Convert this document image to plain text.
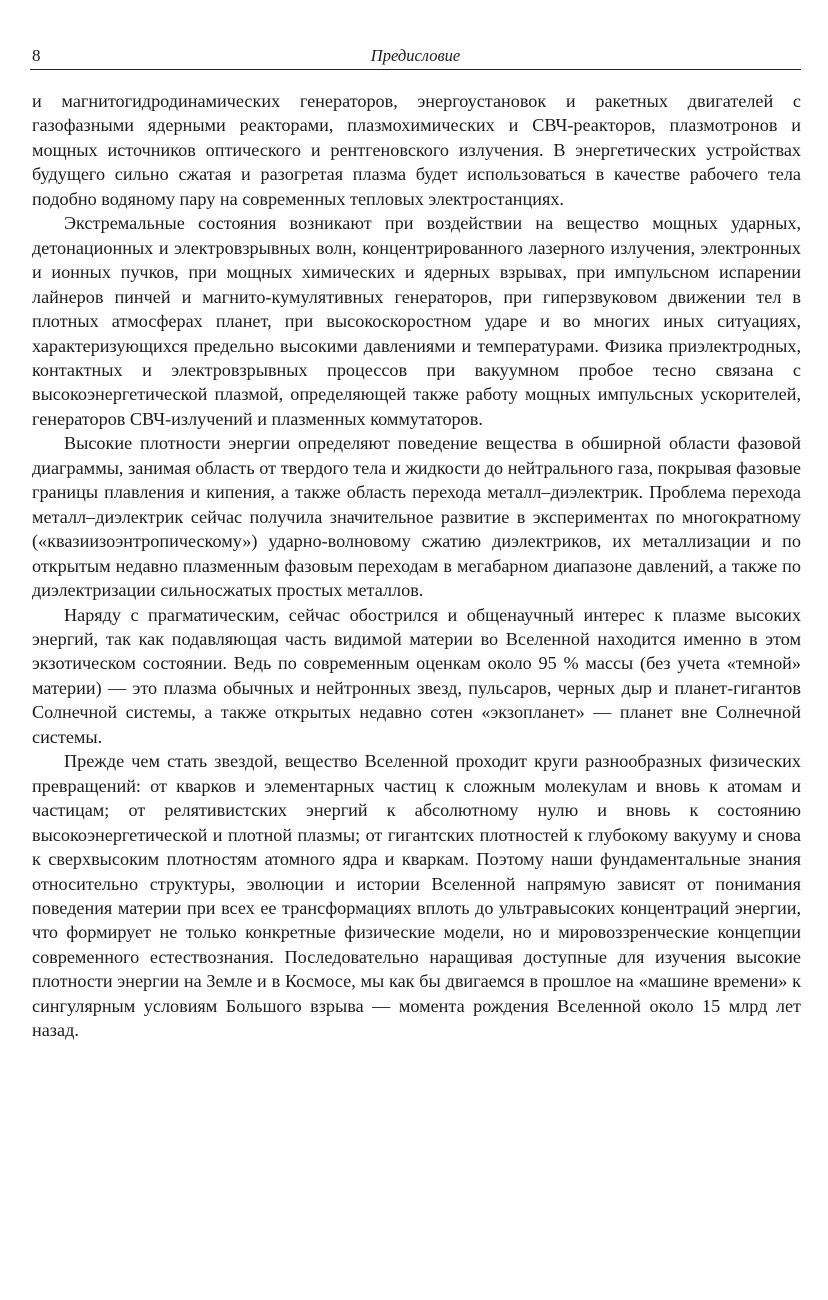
8	Предисловие

и магнитогидродинамических генераторов, энергоустановок и ракетных двигателей с газофазными ядерными реакторами, плазмохимических и СВЧ-реакторов, плазмотронов и мощных источников оптического и рентгеновского излучения. В энергетических устройствах будущего сильно сжатая и разогретая плазма будет использоваться в качестве рабочего тела подобно водяному пару на современных тепловых электростанциях.

Экстремальные состояния возникают при воздействии на вещество мощных ударных, детонационных и электровзрывных волн, концентрированного лазерного излучения, электронных и ионных пучков, при мощных химических и ядерных взрывах, при импульсном испарении лайнеров пинчей и магнито-кумулятивных генераторов, при гиперзвуковом движении тел в плотных атмосферах планет, при высокоскоростном ударе и во многих иных ситуациях, характеризующихся предельно высокими давлениями и температурами. Физика приэлектродных, контактных и электровзрывных процессов при вакуумном пробое тесно связана с высокоэнергетической плазмой, определяющей также работу мощных импульсных ускорителей, генераторов СВЧ-излучений и плазменных коммутаторов.

Высокие плотности энергии определяют поведение вещества в обширной области фазовой диаграммы, занимая область от твердого тела и жидкости до нейтрального газа, покрывая фазовые границы плавления и кипения, а также область перехода металл–диэлектрик. Проблема перехода металл–диэлектрик сейчас получила значительное развитие в экспериментах по многократному («квазиизоэнтропическому») ударно-волновому сжатию диэлектриков, их металлизации и по открытым недавно плазменным фазовым переходам в мегабарном диапазоне давлений, а также по диэлектризации сильносжатых простых металлов.

Наряду с прагматическим, сейчас обострился и общенаучный интерес к плазме высоких энергий, так как подавляющая часть видимой материи во Вселенной находится именно в этом экзотическом состоянии. Ведь по современным оценкам около 95 % массы (без учета «темной» материи) — это плазма обычных и нейтронных звезд, пульсаров, черных дыр и планет-гигантов Солнечной системы, а также открытых недавно сотен «экзопланет» — планет вне Солнечной системы.

Прежде чем стать звездой, вещество Вселенной проходит круги разнообразных физических превращений: от кварков и элементарных частиц к сложным молекулам и вновь к атомам и частицам; от релятивистских энергий к абсолютному нулю и вновь к состоянию высокоэнергетической и плотной плазмы; от гигантских плотностей к глубокому вакууму и снова к сверхвысоким плотностям атомного ядра и кваркам. Поэтому наши фундаментальные знания относительно структуры, эволюции и истории Вселенной напрямую зависят от понимания поведения материи при всех ее трансформациях вплоть до ультравысоких концентраций энергии, что формирует не только конкретные физические модели, но и мировоззренческие концепции современного естествознания. Последовательно наращивая доступные для изучения высокие плотности энергии на Земле и в Космосе, мы как бы двигаемся в прошлое на «машине времени» к сингулярным условиям Большого взрыва — момента рождения Вселенной около 15 млрд лет назад.
